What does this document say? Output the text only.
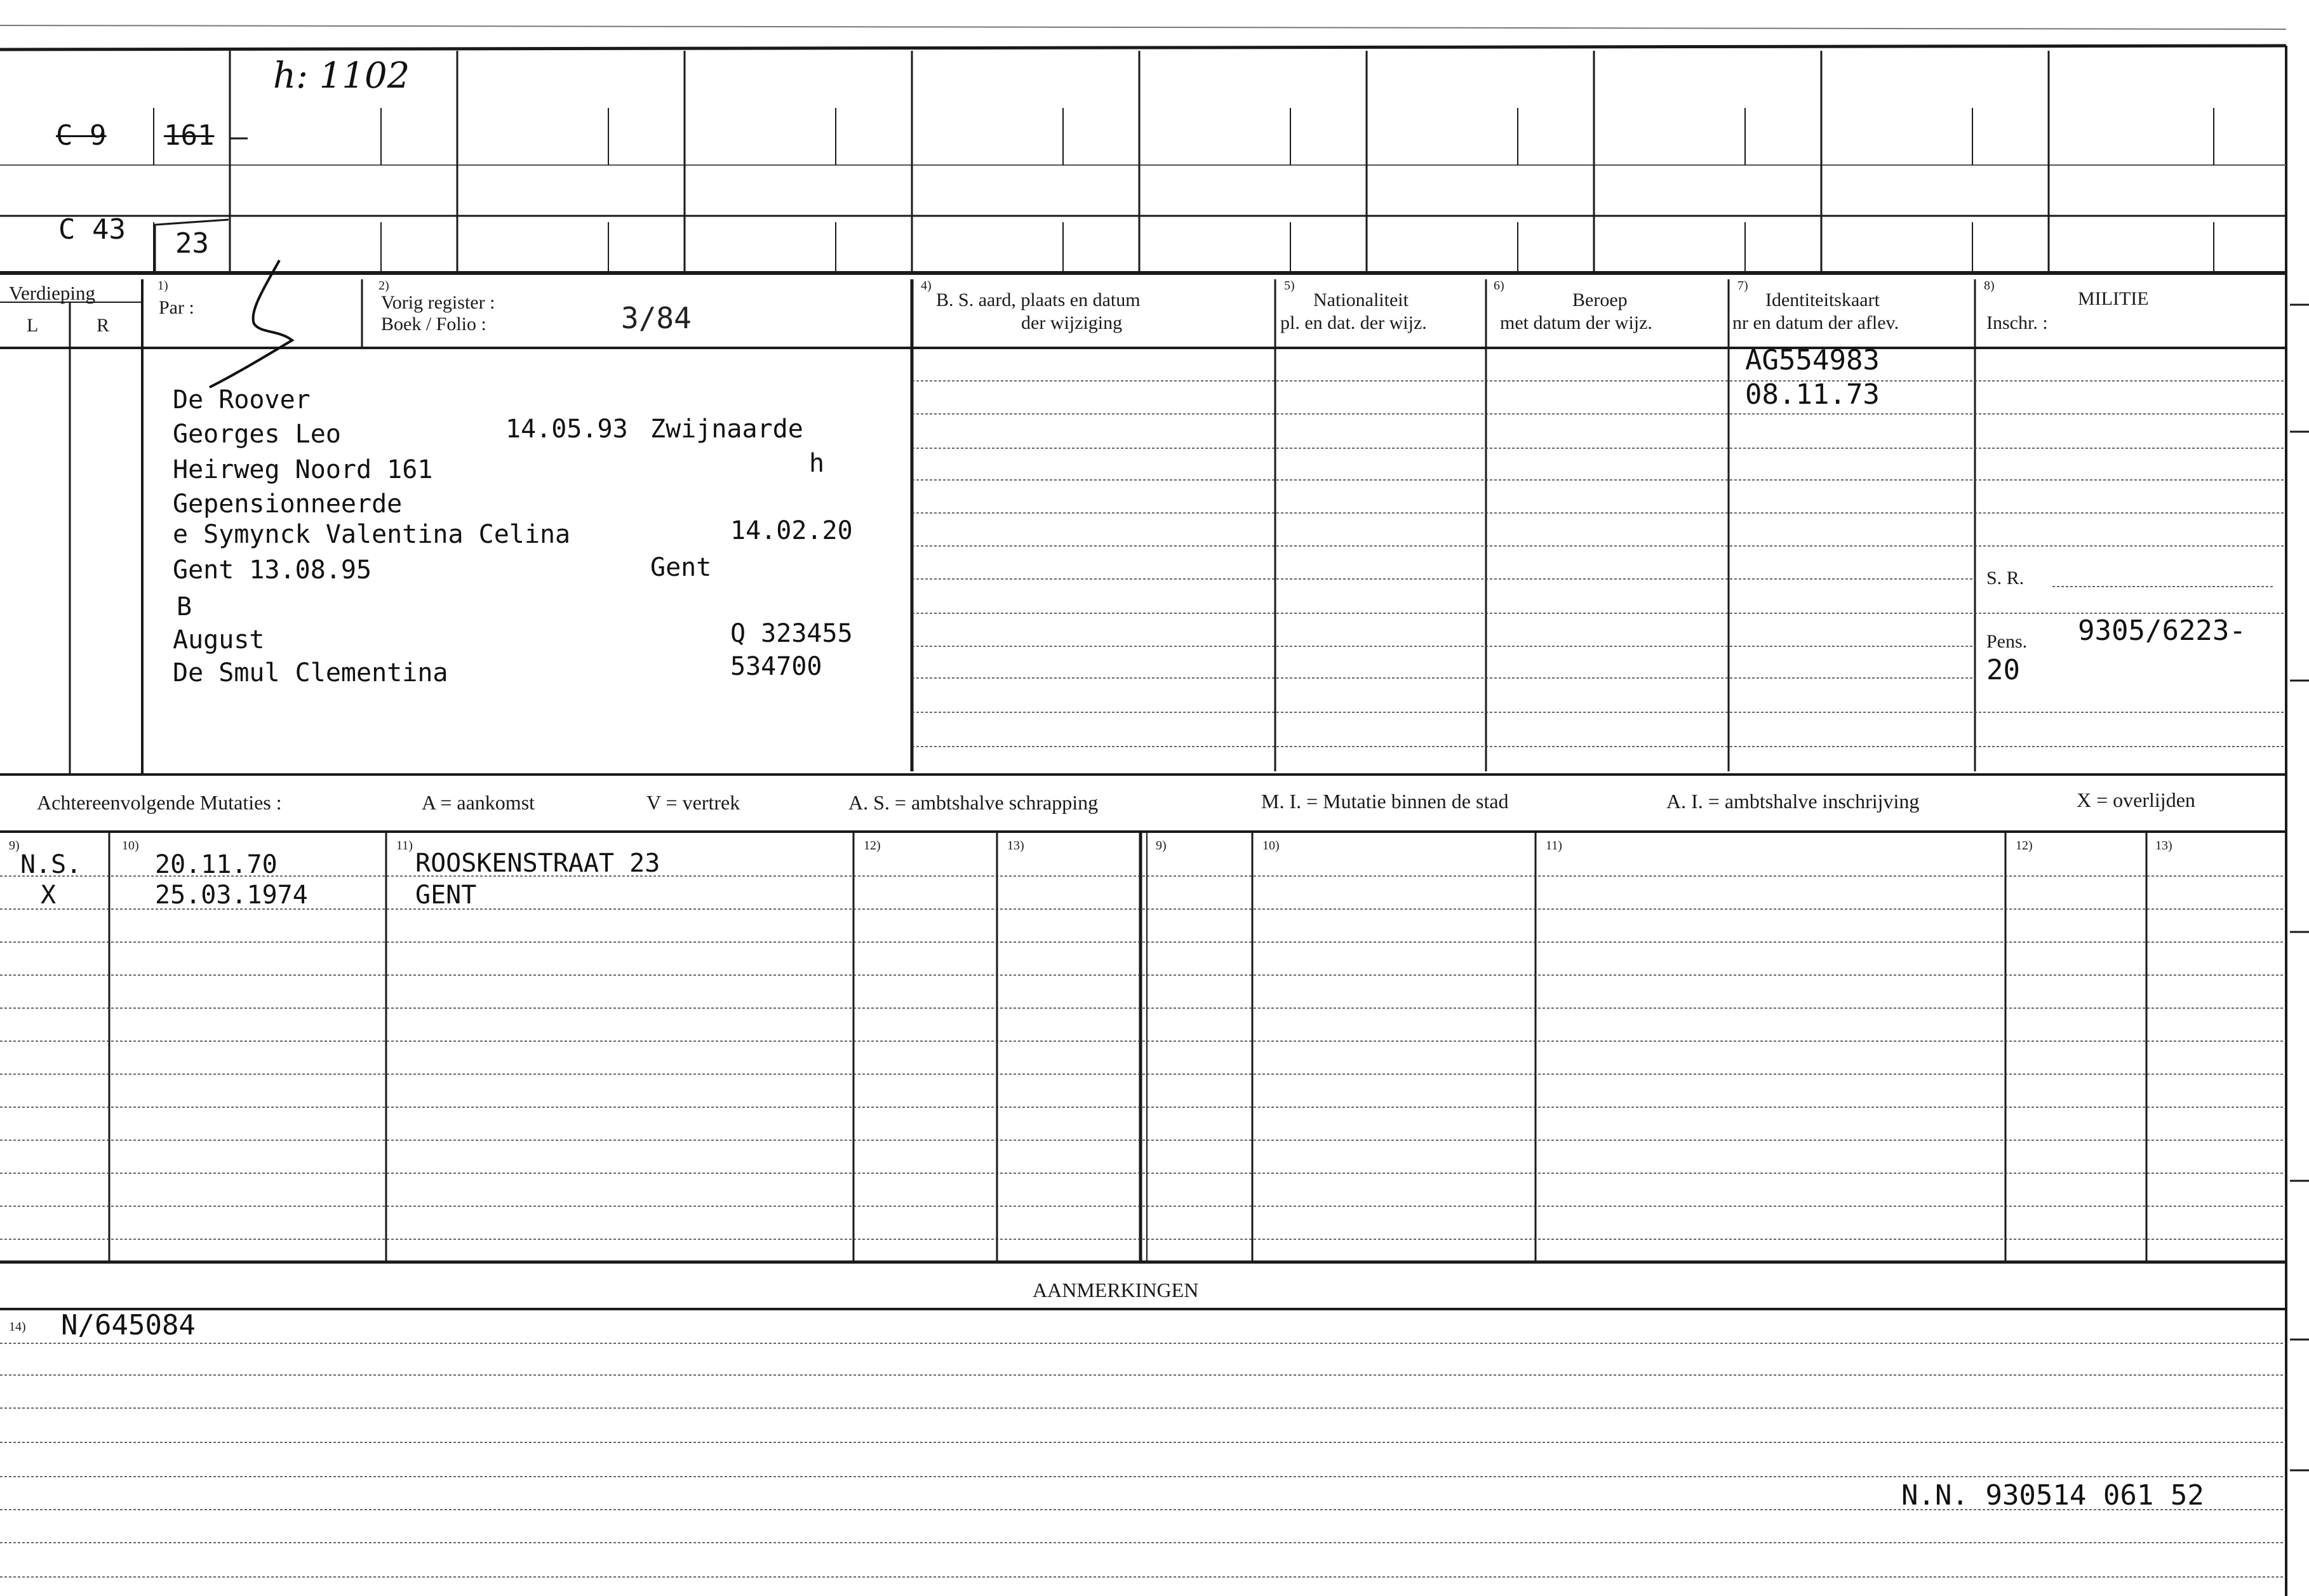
h: 1102
C 9 161
C 43 23
Verdieping
L	R
1)
Par :
2)
Vorig register :
Boek / Folio :	3/84
4)
B. S. aard, plaats en datum
der wijziging
5)
Nationaliteit
pl. en dat. der wijz.
6)
Beroep
met datum der wijz.
7)
Identiteitskaart
nr en datum der aflev.
8)
MILITIE
Inschr. :
De Roover
Georges Leo	14.05.93 Zwijnaarde
Heirweg Noord 161	h
Gepensionneerde
e Symynck Valentina Celina	14.02.20
Gent 13.08.95	Gent
B
August	Q 323455
De Smul Clementina	534700
AG554983
08.11.73
S. R.
Pens. 9305/6223-
20
Achtereenvolgende Mutaties :	A = aankomst	V = vertrek	A. S. = ambtshalve schrapping	M. I. = Mutatie binnen de stad	A. I. = ambtshalve inschrijving	X = overlijden
9)	10)	11)	12)	13)	9)	10)	11)	12)	13)
N.S.	20.11.70	ROOSKENSTRAAT 23
X	25.03.1974	GENT
AANMERKINGEN
14) N/645084
N.N. 930514 061 52
